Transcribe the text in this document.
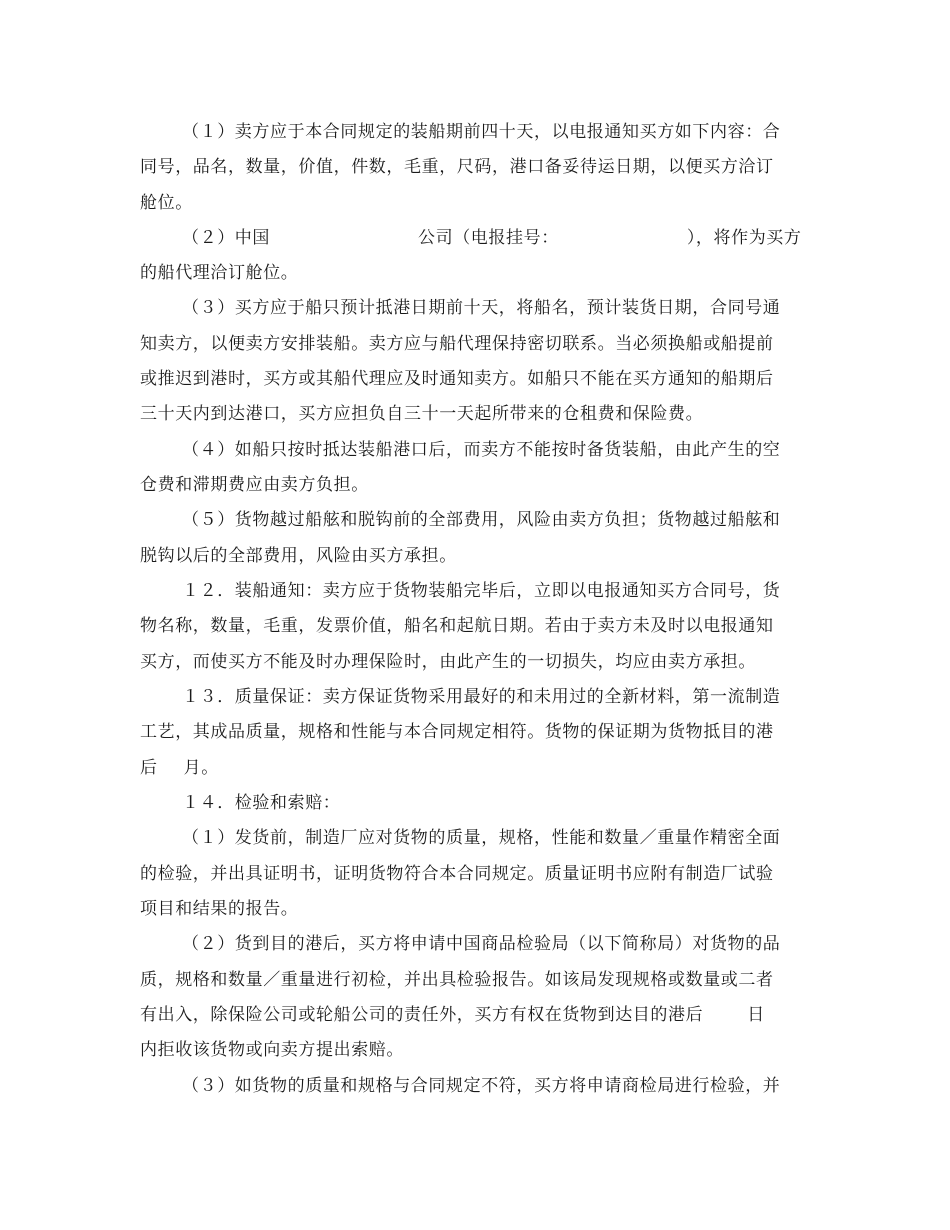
（１）卖方应于本合同规定的装船期前四十天，以电报通知买方如下内容：合
同号，品名，数量，价值，件数，毛重，尺码，港口备妥待运日期，以便买方洽订
舱位。
（２）中国	公司（电报挂号：	），将作为买方
的船代理洽订舱位。
（３）买方应于船只预计抵港日期前十天，将船名，预计装货日期，合同号通
知卖方，以便卖方安排装船。卖方应与船代理保持密切联系。当必须换船或船提前
或推迟到港时，买方或其船代理应及时通知卖方。如船只不能在买方通知的船期后
三十天内到达港口，买方应担负自三十一天起所带来的仓租费和保险费。
（４）如船只按时抵达装船港口后，而卖方不能按时备货装船，由此产生的空
仓费和滞期费应由卖方负担。
（５）货物越过船舷和脱钩前的全部费用，风险由卖方负担；货物越过船舷和
脱钩以后的全部费用，风险由买方承担。
１２．装船通知：卖方应于货物装船完毕后，立即以电报通知买方合同号，货
物名称，数量，毛重，发票价值，船名和起航日期。若由于卖方未及时以电报通知
买方，而使买方不能及时办理保险时，由此产生的一切损失，均应由卖方承担。
１３．质量保证：卖方保证货物采用最好的和未用过的全新材料，第一流制造
工艺，其成品质量，规格和性能与本合同规定相符。货物的保证期为货物抵目的港
后 月。
１４．检验和索赔：
（１）发货前，制造厂应对货物的质量，规格，性能和数量／重量作精密全面
的检验，并出具证明书，证明货物符合本合同规定。质量证明书应附有制造厂试验
项目和结果的报告。
（２）货到目的港后，买方将申请中国商品检验局（以下简称局）对货物的品
质，规格和数量／重量进行初检，并出具检验报告。如该局发现规格或数量或二者
有出入，除保险公司或轮船公司的责任外，买方有权在货物到达目的港后	日
内拒收该货物或向卖方提出索赔。
（３）如货物的质量和规格与合同规定不符，买方将申请商检局进行检验，并
